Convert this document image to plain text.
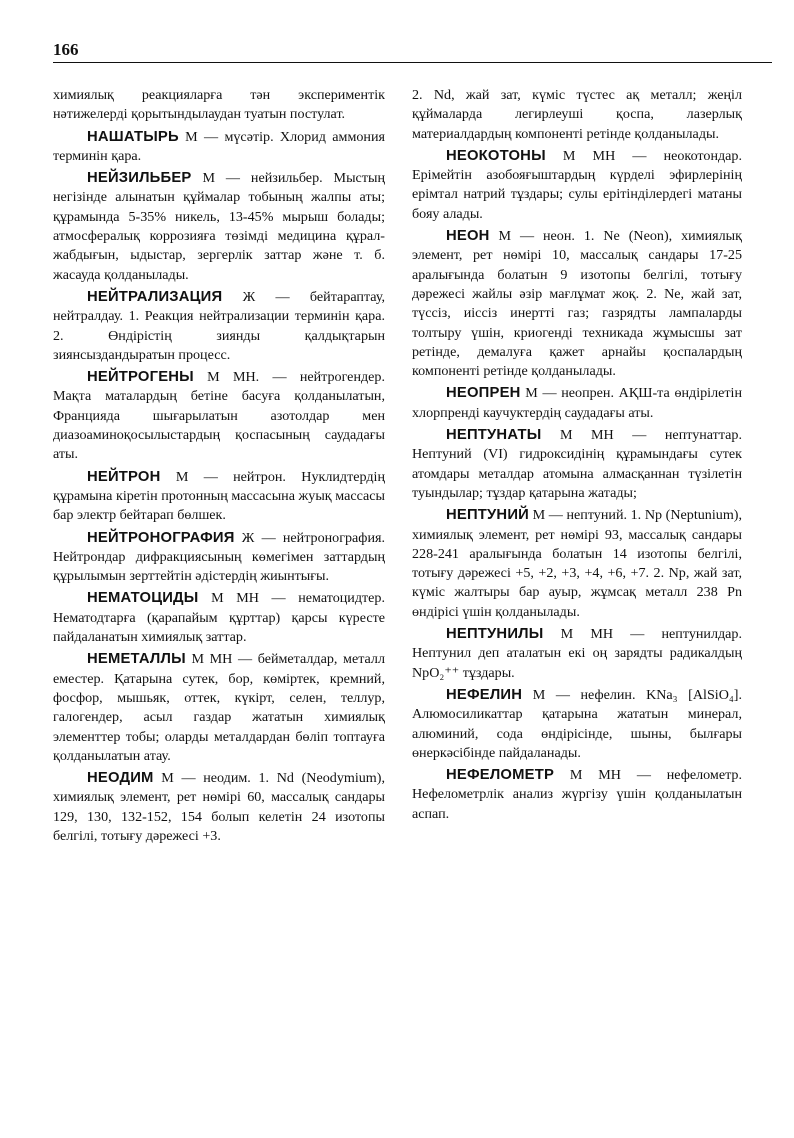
166

химиялық реакцияларға тән экспериментік нәтижелерді қорытындылаудан туатын постулат.

НАШАТЫРЬ М — мүсәтір. Хлорид аммония терминін қара.

НЕЙЗИЛЬБЕР М — нейзильбер. Мыстың негізінде алынатын құймалар тобының жалпы аты; құрамында 5-35% никель, 13-45% мырыш болады; атмосфералық коррозияға төзімді медицина құрал-жабдығын, ыдыстар, зергерлік заттар және т. б. жасауда қолданылады.

НЕЙТРАЛИЗАЦИЯ Ж — бейтараптау, нейтралдау. 1. Реакция нейтрализации терминін қара. 2. Өндірістің зиянды қалдықтарын зиянсыздандыратын процесс.

НЕЙТРОГЕНЫ М МН. — нейтрогендер. Мақта маталардың бетіне басуға қолданылатын, Францияда шығарылатын азотолдар мен диазоаминоқосылыстардың қоспасының саудадағы аты.

НЕЙТРОН М — нейтрон. Нуклидтердің құрамына кіретін протонның массасына жуық массасы бар электр бейтарап бөлшек.

НЕЙТРОНОГРАФИЯ Ж — нейтронография. Нейтрондар дифракциясының көмегімен заттардың құрылымын зерттейтін әдістердің жиынтығы.

НЕМАТОЦИДЫ М МН — нематоцидтер. Нематодтарға (қарапайым құрттар) қарсы күресте пайдаланатын химиялық заттар.

НЕМЕТАЛЛЫ М МН — бейметалдар, металл еместер. Қатарына сутек, бор, көміртек, кремний, фосфор, мышьяк, оттек, күкірт, селен, теллур, галогендер, асыл газдар жататын химиялық элементтер тобы; оларды металдардан бөліп топтауға қолданылатын атау.

НЕОДИМ М — неодим. 1. Nd (Neodymium), химиялық элемент, рет нөмірі 60, массалық сандары 129, 130, 132-152, 154 болып келетін 24 изотопы белгілі, тотығу дәрежесі +3.

2. Nd, жай зат, күміс түстес ақ металл; жеңіл құймаларда легирлеуші қоспа, лазерлық материалдардың компоненті ретінде қолданылады.

НЕОКОТОНЫ М МН — неокотондар. Ерімейтін азобояғыштардың күрделі эфирлерінің ерімтал натрий тұздары; сулы ерітінділердегі матаны бояу алады.

НЕОН М — неон. 1. Ne (Neon), химиялық элемент, рет нөмірі 10, массалық сандары 17-25 аралығында болатын 9 изотопы белгілі, тотығу дәрежесі жайлы әзір мағлұмат жоқ. 2. Ne, жай зат, түссіз, иіссіз инертті газ; газрядты лампаларды толтыру үшін, криогенді техникада жұмысшы зат ретінде, демалуға қажет арнайы қоспалардың компоненті ретінде қолданылады.

НЕОПРЕН М — неопрен. АҚШ-та өндірілетін хлорпренді каучуктердің саудадағы аты.

НЕПТУНАТЫ М МН — нептунаттар. Нептуний (VI) гидроксидінің құрамындағы сутек атомдары металдар атомына алмасқаннан түзілетін туындылар; тұздар қатарына жатады;

НЕПТУНИЙ М — нептуний. 1. Np (Neptunium), химиялық элемент, рет нөмірі 93, массалық сандары 228-241 аралығында болатын 14 изотопы белгілі, тотығу дәрежесі +5, +2, +3, +4, +6, +7. 2. Np, жай зат, күміс жалтыры бар ауыр, жұмсақ металл 238 Pn өндірісі үшін қолданылады.

НЕПТУНИЛЫ М МН — нептунилдар. Нептунил деп аталатын екі оң зарядты радикалдың NpO₂⁺⁺ тұздары.

НЕФЕЛИН М — нефелин. KNa₃ [AlSiO₄]. Алюмосиликаттар қатарына жататын минерал, алюминий, сода өндірісінде, шыны, былғары өнеркәсібінде пайдаланады.

НЕФЕЛОМЕТР М МН — нефелометр. Нефелометрлік анализ жүргізу үшін қолданылатын аспап.
